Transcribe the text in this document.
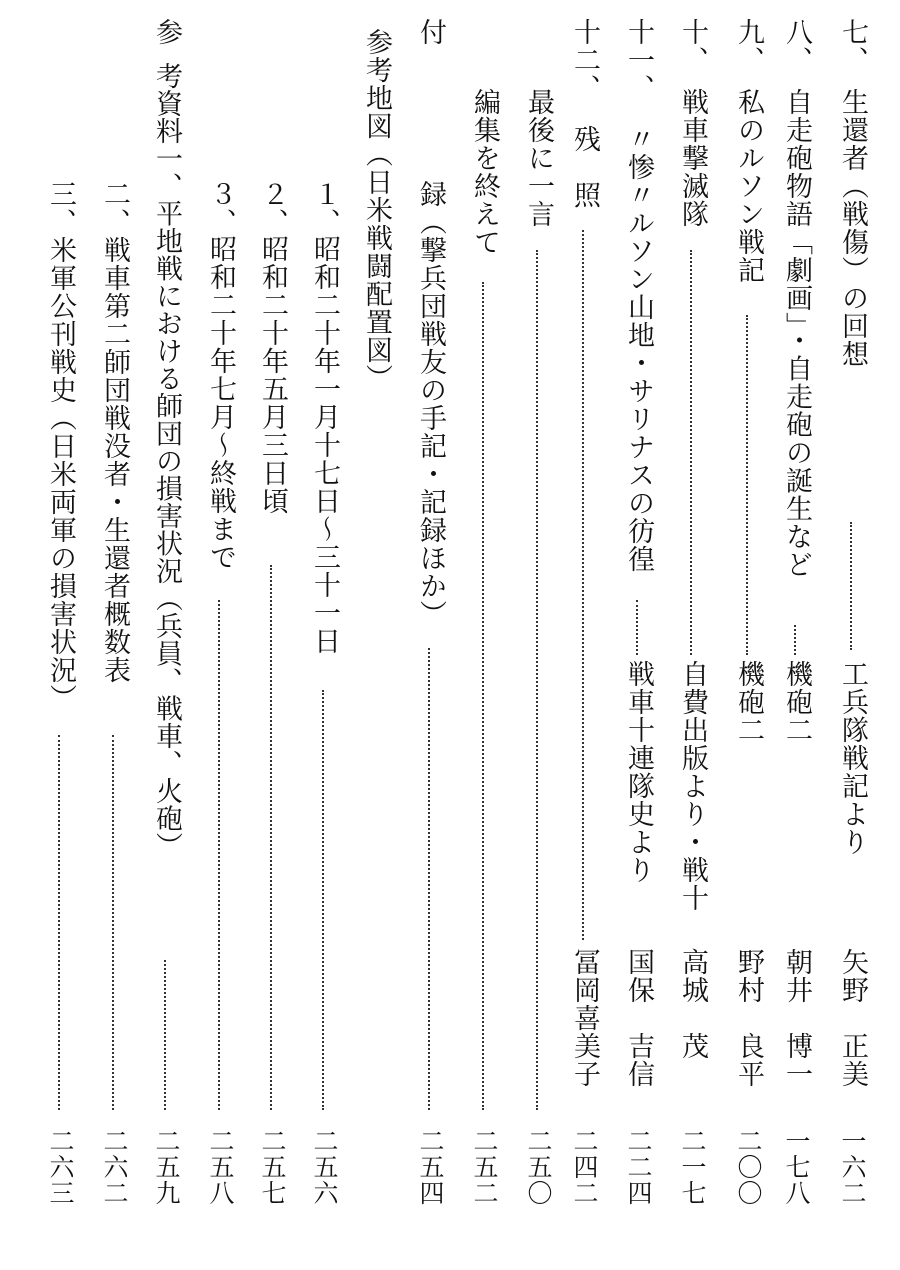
七、
生還者（戦傷）の回想
工兵隊戦記より
矢野　正美
一六二
八、
自走砲物語「劇画」・自走砲の誕生など
機砲二
朝井　博一
一七八
九、
私のルソン戦記
機砲二
野村　良平
二〇〇
十、
戦車撃滅隊
自費出版より・戦十
高城　茂
二一七
十一、
〃惨〃ルソン山地・サリナスの彷徨
戦車十連隊史より
国保　吉信
二二四
十二、
残　照
冨岡喜美子
二四二
最後に一言
二五〇
編集を終えて
二五二
付
録（撃兵団戦友の手記・記録ほか）
二五四
参考地図（日米戦闘配置図）
１、
昭和二十年一月十七日～三十一日
二五六
２、
昭和二十年五月三日頃
二五七
３、
昭和二十年七月～終戦まで
二五八
参
考資料一、平地戦における師団の損害状況（兵員、戦車、火砲）
二五九
二、戦車第二師団戦没者・生還者概数表
二六二
三、米軍公刊戦史（日米両軍の損害状況）
二六三
